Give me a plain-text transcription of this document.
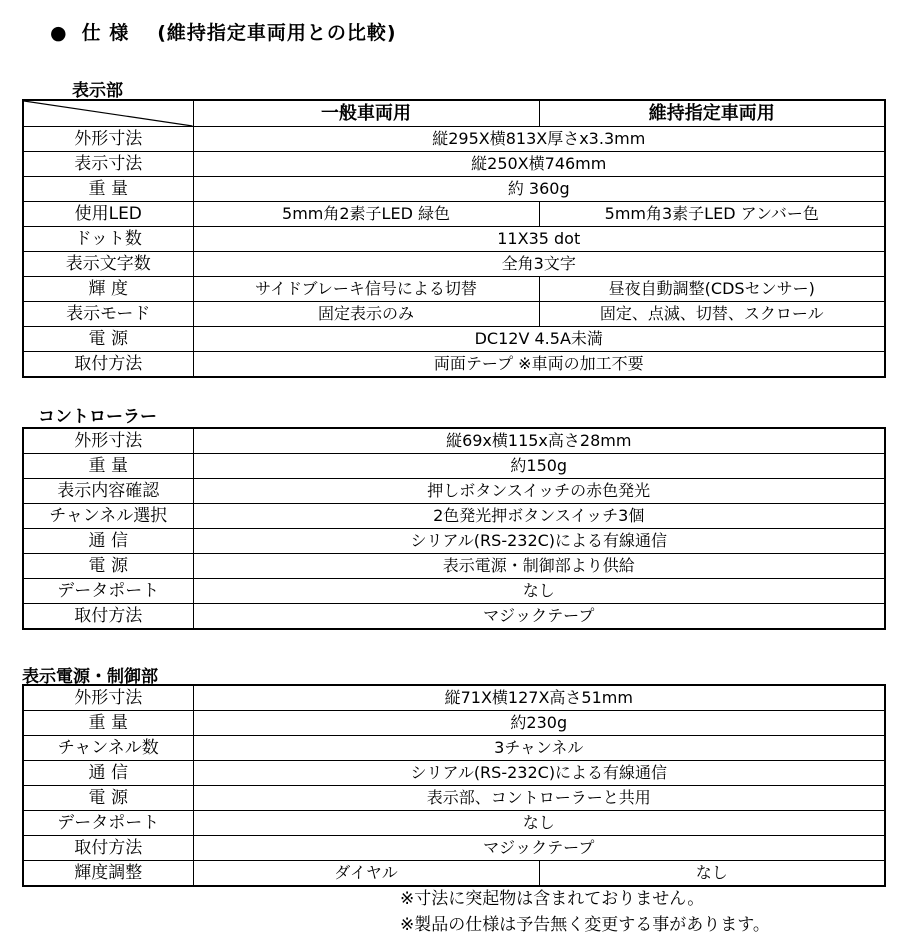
● 仕 様 (維持指定車両用との比較)
表示部
	一般車両用	維持指定車両用
外形寸法	縦295X横813X厚さx3.3mm	
表示寸法	縦250X横746mm	
重 量	約 360g	
使用LED	5mm角2素子LED 緑色	5mm角3素子LED アンバー色
ドット数	11X35 dot	
表示文字数	全角3文字	
輝 度	サイドブレーキ信号による切替	昼夜自動調整(CDSセンサー)
表示モード	固定表示のみ	固定、点滅、切替、スクロール
電 源	DC12V 4.5A未満	
取付方法	両面テープ ※車両の加工不要	
コントローラー
外形寸法	縦69x横115x高さ28mm
重 量	約150g
表示内容確認	押しボタンスイッチの赤色発光
チャンネル選択	2色発光押ボタンスイッチ3個
通 信	シリアル(RS-232C)による有線通信
電 源	表示電源・制御部より供給
データポート	なし
取付方法	マジックテープ
表示電源・制御部
外形寸法	縦71X横127X高さ51mm	
重 量	約230g	
チャンネル数	3チャンネル	
通 信	シリアル(RS-232C)による有線通信	
電 源	表示部、コントローラーと共用	
データポート	なし	
取付方法	マジックテープ	
輝度調整	ダイヤル	なし
※寸法に突起物は含まれておりません。
※製品の仕様は予告無く変更する事があります。
